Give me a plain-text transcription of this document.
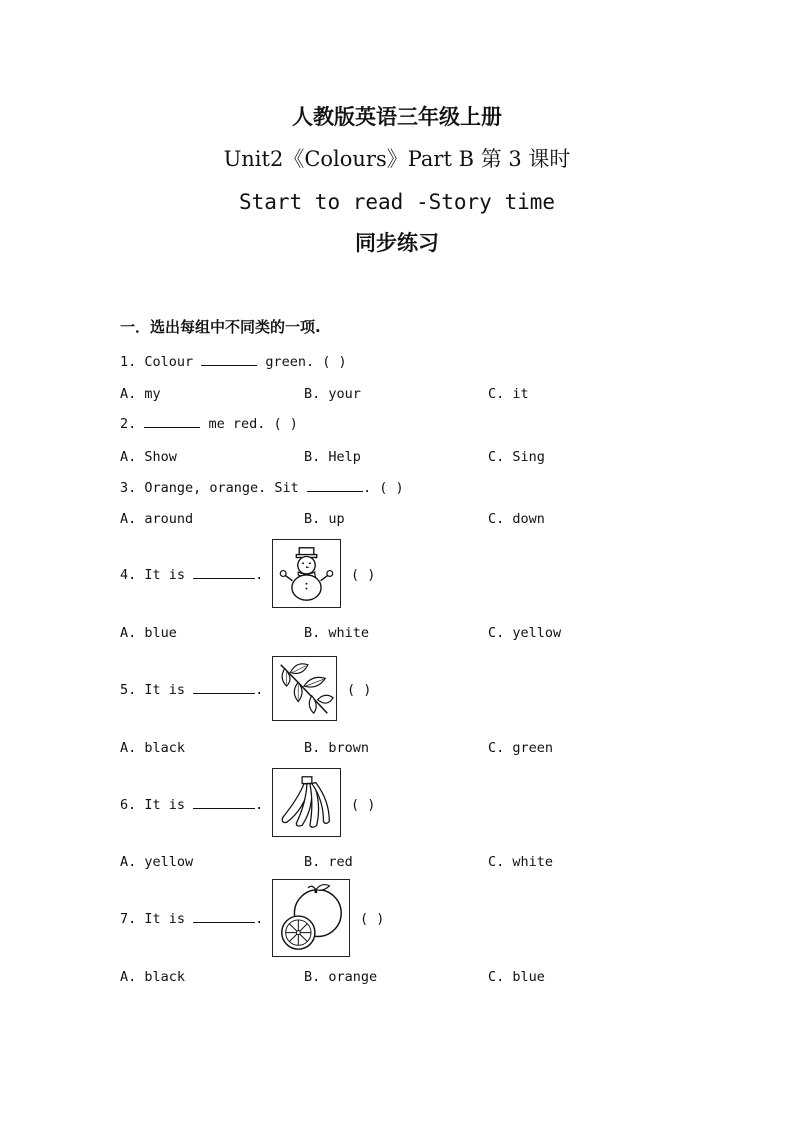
人教版英语三年级上册
Unit2《Colours》Part B 第 3 课时
Start to read -Story time
同步练习
一．选出每组中不同类的一项.
1. Colour	green. ( )
A. my	B. your	C. it
2.	me red. ( )
A. Show	B. Help	C. Sing
3. Orange, orange. Sit	. ( )
A. around	B. up	C. down
4. It is	.	( )
A. blue	B. white	C. yellow
5. It is	.	( )
A. black	B. brown	C. green
6. It is	.	( )
A. yellow	B. red	C. white
7. It is	.	( )
A. black	B. orange	C. blue
